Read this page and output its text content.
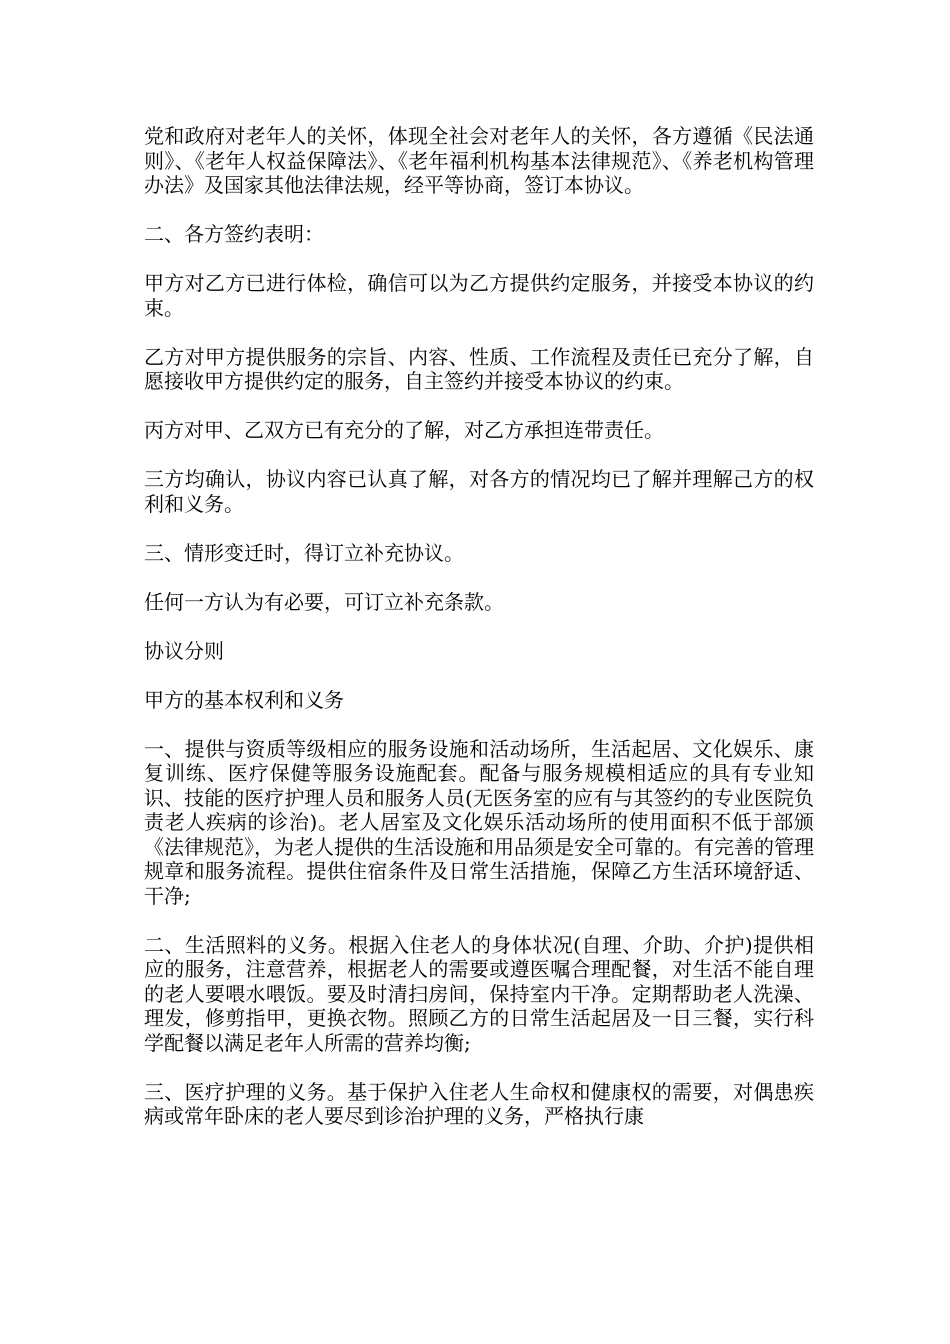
党和政府对老年人的关怀，体现全社会对老年人的关怀，各方遵循《民法通则》、《老年人权益保障法》、《老年福利机构基本法律规范》、《养老机构管理办法》及国家其他法律法规，经平等协商，签订本协议。

二、各方签约表明：

甲方对乙方已进行体检，确信可以为乙方提供约定服务，并接受本协议的约束。

乙方对甲方提供服务的宗旨、内容、性质、工作流程及责任已充分了解，自愿接收甲方提供约定的服务，自主签约并接受本协议的约束。

丙方对甲、乙双方已有充分的了解，对乙方承担连带责任。

三方均确认，协议内容已认真了解，对各方的情况均已了解并理解己方的权利和义务。

三、情形变迁时，得订立补充协议。

任何一方认为有必要，可订立补充条款。

协议分则

甲方的基本权利和义务

一、提供与资质等级相应的服务设施和活动场所，生活起居、文化娱乐、康复训练、医疗保健等服务设施配套。配备与服务规模相适应的具有专业知识、技能的医疗护理人员和服务人员(无医务室的应有与其签约的专业医院负责老人疾病的诊治)。老人居室及文化娱乐活动场所的使用面积不低于部颁《法律规范》，为老人提供的生活设施和用品须是安全可靠的。有完善的管理规章和服务流程。提供住宿条件及日常生活措施，保障乙方生活环境舒适、干净;

二、生活照料的义务。根据入住老人的身体状况(自理、介助、介护)提供相应的服务，注意营养，根据老人的需要或遵医嘱合理配餐，对生活不能自理的老人要喂水喂饭。要及时清扫房间，保持室内干净。定期帮助老人洗澡、理发，修剪指甲，更换衣物。照顾乙方的日常生活起居及一日三餐，实行科学配餐以满足老年人所需的营养均衡;

三、医疗护理的义务。基于保护入住老人生命权和健康权的需要，对偶患疾病或常年卧床的老人要尽到诊治护理的义务，严格执行康
